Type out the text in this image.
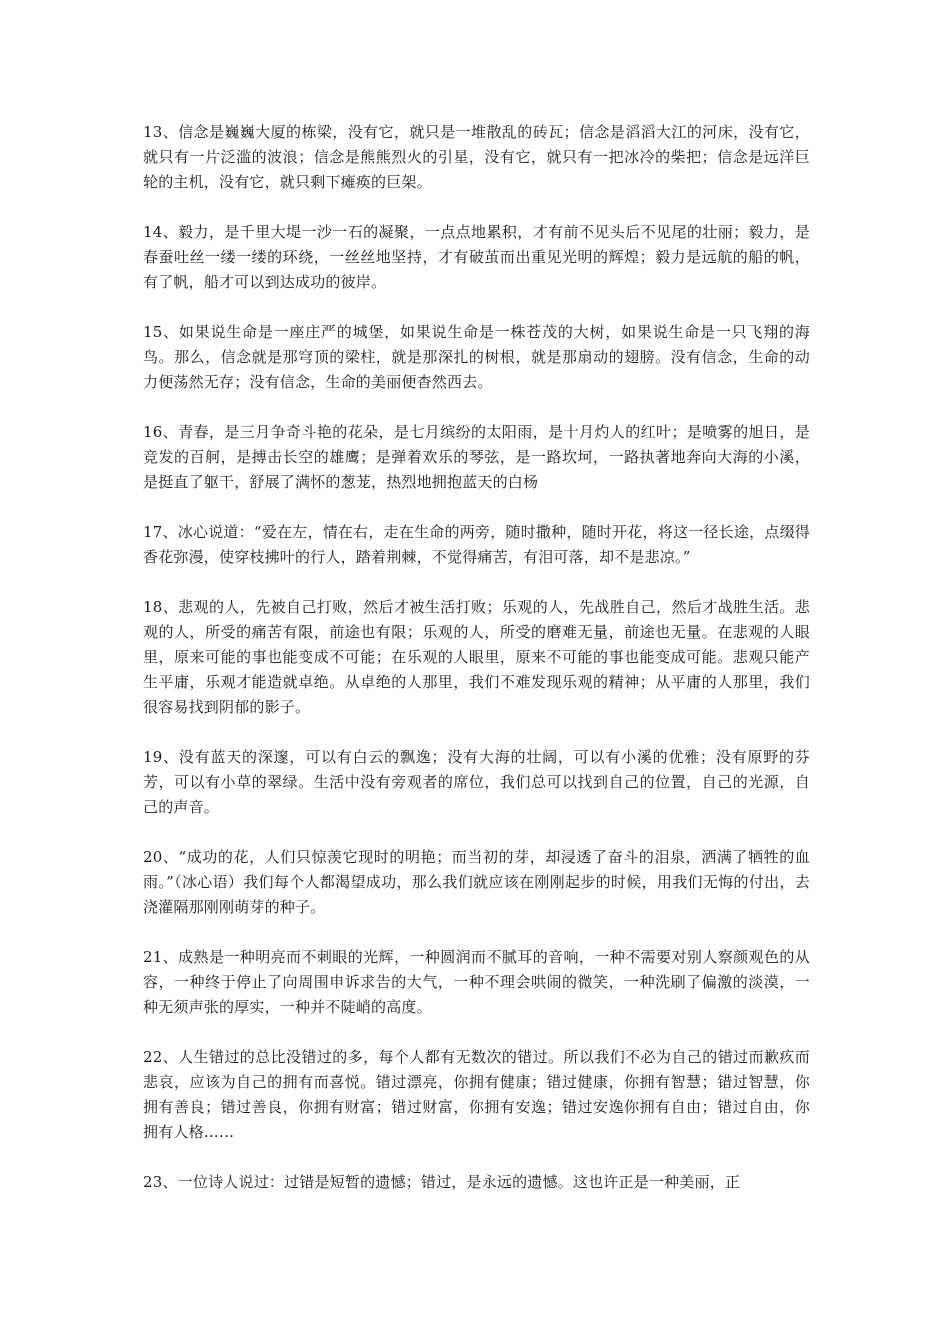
13、信念是巍巍大厦的栋梁，没有它，就只是一堆散乱的砖瓦；信念是滔滔大江的河床，没有它，就只有一片泛滥的波浪；信念是熊熊烈火的引星，没有它，就只有一把冰冷的柴把；信念是远洋巨轮的主机，没有它，就只剩下瘫痪的巨架。

14、毅力，是千里大堤一沙一石的凝聚，一点点地累积，才有前不见头后不见尾的壮丽；毅力，是春蚕吐丝一缕一缕的环绕，一丝丝地坚持，才有破茧而出重见光明的辉煌；毅力是远航的船的帆，有了帆，船才可以到达成功的彼岸。

15、如果说生命是一座庄严的城堡，如果说生命是一株苍茂的大树，如果说生命是一只飞翔的海鸟。那么，信念就是那穹顶的梁柱，就是那深扎的树根，就是那扇动的翅膀。没有信念，生命的动力便荡然无存；没有信念，生命的美丽便杳然西去。

16、青春，是三月争奇斗艳的花朵，是七月缤纷的太阳雨，是十月灼人的红叶；是喷雾的旭日，是竞发的百舸，是搏击长空的雄鹰；是弹着欢乐的琴弦，是一路坎坷，一路执著地奔向大海的小溪，是挺直了躯干，舒展了满怀的葱茏，热烈地拥抱蓝天的白杨

17、冰心说道：“爱在左，情在右，走在生命的两旁，随时撒种，随时开花，将这一径长途，点缀得香花弥漫，使穿枝拂叶的行人，踏着荆棘，不觉得痛苦，有泪可落，却不是悲凉。”

18、悲观的人，先被自己打败，然后才被生活打败；乐观的人，先战胜自己，然后才战胜生活。悲观的人，所受的痛苦有限，前途也有限；乐观的人，所受的磨难无量，前途也无量。在悲观的人眼里，原来可能的事也能变成不可能；在乐观的人眼里，原来不可能的事也能变成可能。悲观只能产生平庸，乐观才能造就卓绝。从卓绝的人那里，我们不难发现乐观的精神；从平庸的人那里，我们很容易找到阴郁的影子。

19、没有蓝天的深邃，可以有白云的飘逸；没有大海的壮阔，可以有小溪的优雅；没有原野的芬芳，可以有小草的翠绿。生活中没有旁观者的席位，我们总可以找到自己的位置，自己的光源，自己的声音。

20、“成功的花，人们只惊羡它现时的明艳；而当初的芽，却浸透了奋斗的泪泉，洒满了牺牲的血雨。”（冰心语）我们每个人都渴望成功，那么我们就应该在刚刚起步的时候，用我们无悔的付出，去浇灌隔那刚刚萌芽的种子。

21、成熟是一种明亮而不刺眼的光辉，一种圆润而不腻耳的音响，一种不需要对别人察颜观色的从容，一种终于停止了向周围申诉求告的大气，一种不理会哄闹的微笑，一种洗刷了偏激的淡漠，一种无须声张的厚实，一种并不陡峭的高度。

22、人生错过的总比没错过的多，每个人都有无数次的错过。所以我们不必为自己的错过而歉疚而悲哀，应该为自己的拥有而喜悦。错过漂亮，你拥有健康；错过健康，你拥有智慧；错过智慧，你拥有善良；错过善良，你拥有财富；错过财富，你拥有安逸；错过安逸你拥有自由；错过自由，你拥有人格……

23、一位诗人说过：过错是短暂的遗憾；错过，是永远的遗憾。这也许正是一种美丽，正
